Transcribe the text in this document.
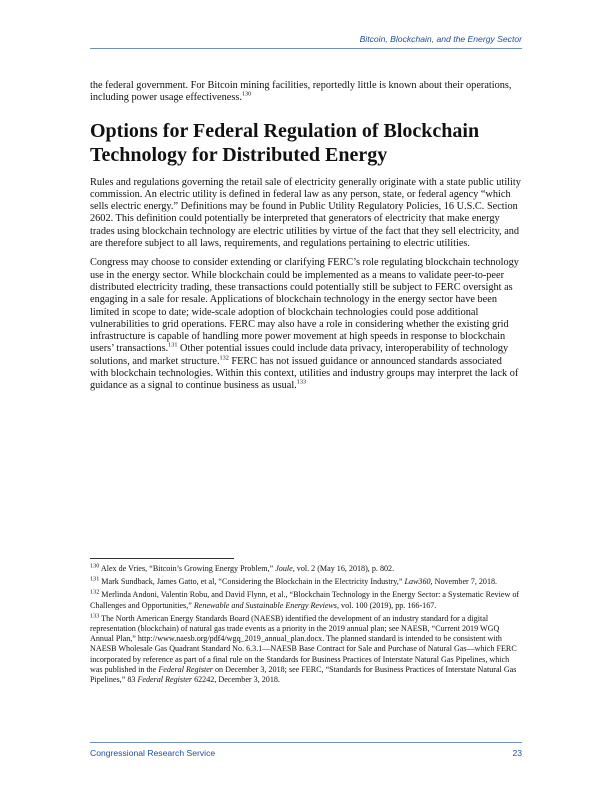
Bitcoin, Blockchain, and the Energy Sector

the federal government. For Bitcoin mining facilities, reportedly little is known about their operations, including power usage effectiveness.$^{130}$

Options for Federal Regulation of Blockchain Technology for Distributed Energy

Rules and regulations governing the retail sale of electricity generally originate with a state public utility commission. An electric utility is defined in federal law as any person, state, or federal agency “which sells electric energy.” Definitions may be found in Public Utility Regulatory Policies, 16 U.S.C. Section 2602. This definition could potentially be interpreted that generators of electricity that make energy trades using blockchain technology are electric utilities by virtue of the fact that they sell electricity, and are therefore subject to all laws, requirements, and regulations pertaining to electric utilities.

Congress may choose to consider extending or clarifying FERC’s role regulating blockchain technology use in the energy sector. While blockchain could be implemented as a means to validate peer-to-peer distributed electricity trading, these transactions could potentially still be subject to FERC oversight as engaging in a sale for resale. Applications of blockchain technology in the energy sector have been limited in scope to date; wide-scale adoption of blockchain technologies could pose additional vulnerabilities to grid operations. FERC may also have a role in considering whether the existing grid infrastructure is capable of handling more power movement at high speeds in response to blockchain users’ transactions.$^{131}$ Other potential issues could include data privacy, interoperability of technology solutions, and market structure.$^{132}$ FERC has not issued guidance or announced standards associated with blockchain technologies. Within this context, utilities and industry groups may interpret the lack of guidance as a signal to continue business as usual.$^{133}$

$^{130}$ Alex de Vries, “Bitcoin’s Growing Energy Problem,” Joule, vol. 2 (May 16, 2018), p. 802.

$^{131}$ Mark Sundback, James Gatto, et al, “Considering the Blockchain in the Electricity Industry,” Law360, November 7, 2018.

$^{132}$ Merlinda Andoni, Valentin Robu, and David Flynn, et al., “Blockchain Technology in the Energy Sector: a Systematic Review of Challenges and Opportunities,” Renewable and Sustainable Energy Reviews, vol. 100 (2019), pp. 166-167.

$^{133}$ The North American Energy Standards Board (NAESB) identified the development of an industry standard for a digital representation (blockchain) of natural gas trade events as a priority in the 2019 annual plan; see NAESB, “Current 2019 WGQ Annual Plan,” http://www.naesb.org/pdf4/wgq_2019_annual_plan.docx. The planned standard is intended to be consistent with NAESB Wholesale Gas Quadrant Standard No. 6.3.1—NAESB Base Contract for Sale and Purchase of Natural Gas—which FERC incorporated by reference as part of a final rule on the Standards for Business Practices of Interstate Natural Gas Pipelines, which was published in the Federal Register on December 3, 2018; see FERC, “Standards for Business Practices of Interstate Natural Gas Pipelines,” 83 Federal Register 62242, December 3, 2018.

Congressional Research Service	23
